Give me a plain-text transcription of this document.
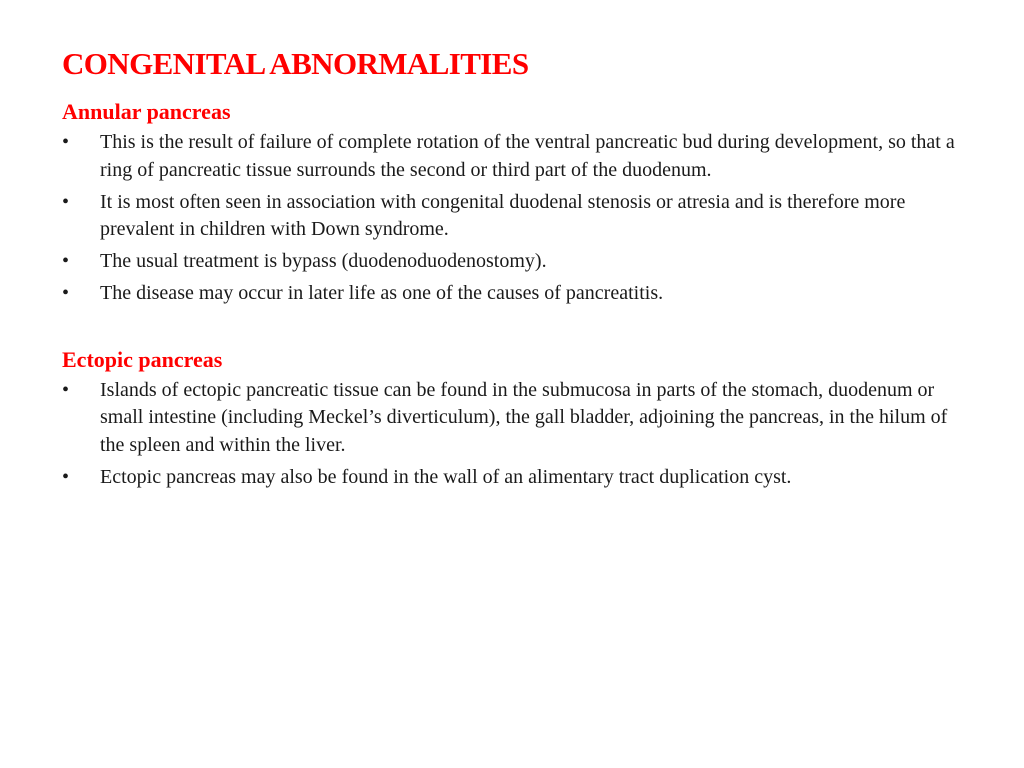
CONGENITAL ABNORMALITIES
Annular pancreas
•	This is the result of failure of complete rotation of the ventral pancreatic bud during development, so that a ring of pancreatic tissue surrounds the second or third part of the duodenum.
•	It is most often seen in association with congenital duodenal stenosis or atresia and is therefore more prevalent in children with Down syndrome.
•	The usual treatment is bypass (duodenoduodenostomy).
•	The disease may occur in later life as one of the causes of pancreatitis.
Ectopic pancreas
•	Islands of ectopic pancreatic tissue can be found in the submucosa in parts of the stomach, duodenum or small intestine (including Meckel’s diverticulum), the gall bladder, adjoining the pancreas, in the hilum of the spleen and within the liver.
•	Ectopic pancreas may also be found in the wall of an alimentary tract duplication cyst.
